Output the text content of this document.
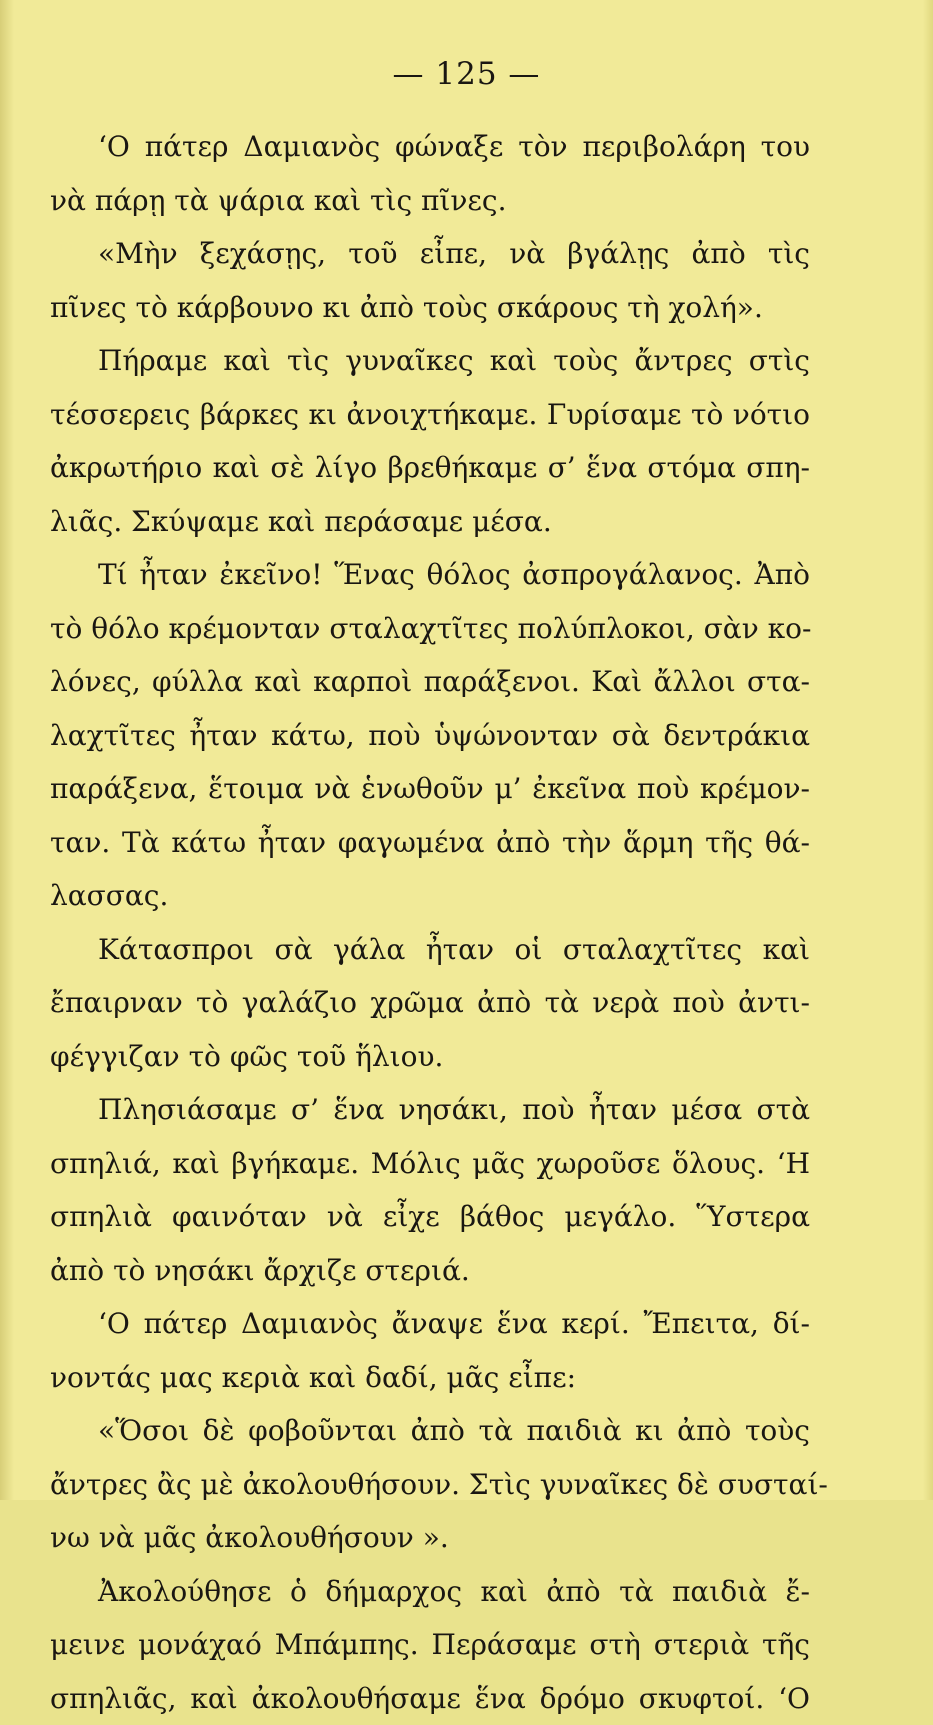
— 125 —
‘Ο πάτερ Δαμιανὸς φώναξε τὸν περιβολάρη του
νὰ πάρῃ τὰ ψάρια καὶ τὶς πῖνες.
«Μὴν ξεχάσῃς, τοῦ εἶπε, νὰ βγάλῃς ἀπὸ τὶς
πῖνες τὸ κάρβουνο κι ἀπὸ τοὺς σκάρους τὴ χολή».
Πήραμε καὶ τὶς γυναῖκες καὶ τοὺς ἄντρες στὶς
τέσσερεις βάρκες κι ἀνοιχτήκαμε. Γυρίσαμε τὸ νότιο
ἀκρωτήριο καὶ σὲ λίγο βρεθήκαμε σ’ ἕνα στόμα σπη-
λιᾶς. Σκύψαμε καὶ περάσαμε μέσα.
Τί ἦταν ἐκεῖνο! Ἕνας θόλος ἀσπρογάλανος. Ἀπὸ
τὸ θόλο κρέμονταν σταλαχτῖτες πολύπλοκοι, σὰν κο-
λόνες, φύλλα καὶ καρποὶ παράξενοι. Καὶ ἄλλοι στα-
λαχτῖτες ἦταν κάτω, ποὺ ὑψώνονταν σὰ δεντράκια
παράξενα, ἕτοιμα νὰ ἑνωθοῦν μ’ ἐκεῖνα ποὺ κρέμον-
ταν. Τὰ κάτω ἦταν φαγωμένα ἀπὸ τὴν ἅρμη τῆς θά-
λασσας.
Κάτασπροι σὰ γάλα ἦταν οἱ σταλαχτῖτες καὶ
ἔπαιρναν τὸ γαλάζιο χρῶμα ἀπὸ τὰ νερὰ ποὺ ἀντι-
φέγγιζαν τὸ φῶς τοῦ ἥλιου.
Πλησιάσαμε σ’ ἕνα νησάκι, ποὺ ἦταν μέσα στὰ
σπηλιά, καὶ βγήκαμε. Μόλις μᾶς χωροῦσε ὅλους. ‘Η
σπηλιὰ φαινόταν νὰ εἶχε βάθος μεγάλο. Ὕστερα
ἀπὸ τὸ νησάκι ἄρχιζε στεριά.
‘Ο πάτερ Δαμιανὸς ἄναψε ἕνα κερί. Ἔπειτα, δί-
νοντάς μας κεριὰ καὶ δαδί, μᾶς εἶπε:
«Ὅσοι δὲ φοβοῦνται ἀπὸ τὰ παιδιὰ κι ἀπὸ τοὺς
ἄντρες ἂς μὲ ἀκολουθήσουν. Στὶς γυναῖκες δὲ συσταί-
νω νὰ μᾶς ἀκολουθήσουν ».
Ἀκολούθησε ὁ δήμαρχος καὶ ἀπὸ τὰ παιδιὰ ἔ-
μεινε μονάχαό Μπάμπης. Περάσαμε στὴ στεριὰ τῆς
σπηλιᾶς, καὶ ἀκολουθήσαμε ἕνα δρόμο σκυφτοί. ‘Ο
